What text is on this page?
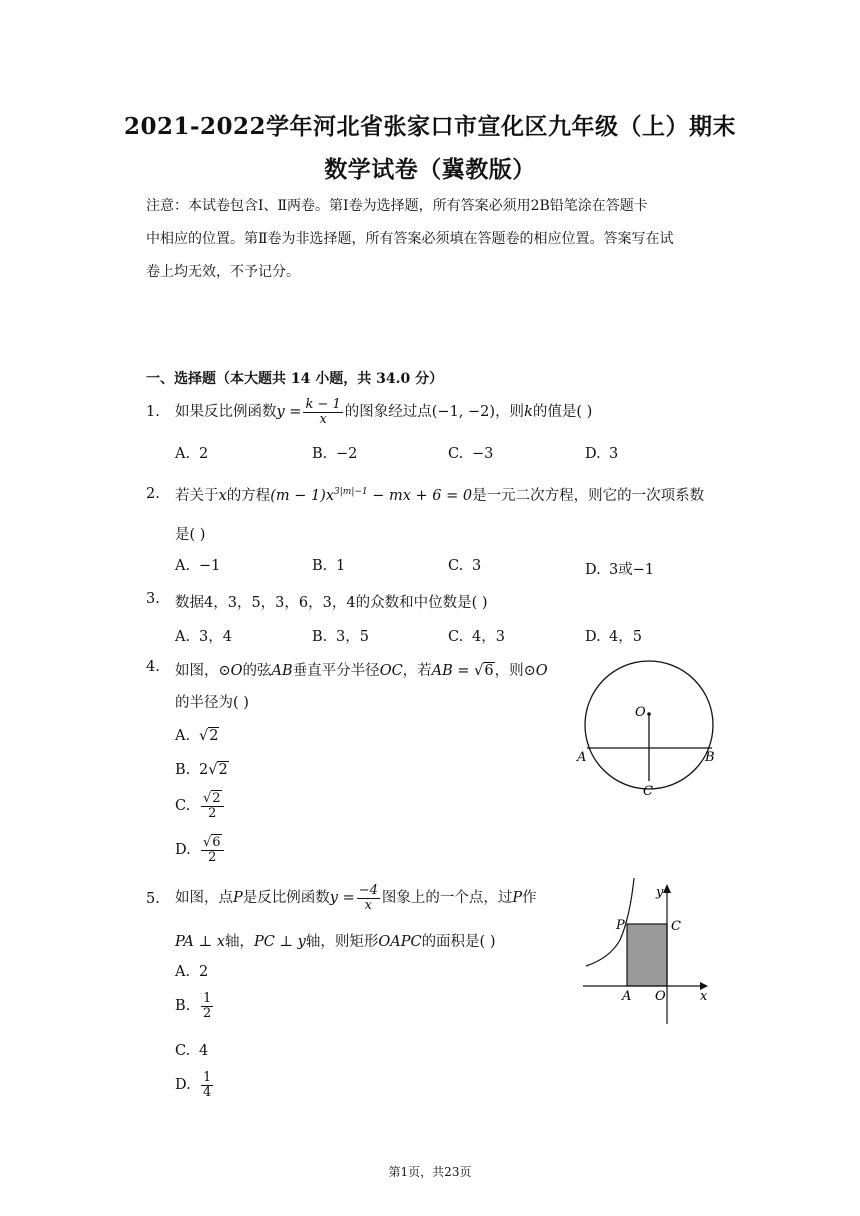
2021-2022学年河北省张家口市宣化区九年级（上）期末
数学试卷（冀教版）
注意：本试卷包含Ⅰ、Ⅱ两卷。第Ⅰ卷为选择题，所有答案必须用2B铅笔涂在答题卡
中相应的位置。第Ⅱ卷为非选择题，所有答案必须填在答题卷的相应位置。答案写在试
卷上均无效，不予记分。
一、选择题（本大题共 14 小题，共 34.0 分）
1. 如果反比例函数$y = \frac{k - 1}{x}$ 的图象经过点(−1, −2)，则k的值是( )
A. 2	B. −2	C. −3	D. 3
2. 若关于x的方程$(m - 1)x^{3|m|-1}$ − mx + 6 = 0是一元二次方程，则它的一次项系数
是( )
A. −1	B. 1	C. 3	D. 3或−1
3. 数据4，3，5，3，6，3，4的众数和中位数是( )
A. 3，4	B. 3，5	C. 4，3	D. 4，5
4. 如图，⊙O的弦AB垂直平分半径OC，若AB = √6，则⊙O
的半径为( )
A. √2
B. 2√2
C. $\frac{√2}{2}$
D. $\frac{√6}{2}$
O
A	B
C
5. 如图，点P是反比例函数$y = \frac{-4}{x}$ 图象上的一个点，过P作
PA ⊥ x轴，PC ⊥ y轴，则矩形OAPC的面积是( )
A. 2
B. $\frac{1}{2}$
C. 4
D. $\frac{1}{4}$
P	C
A O	x
y
第1页，共23页
